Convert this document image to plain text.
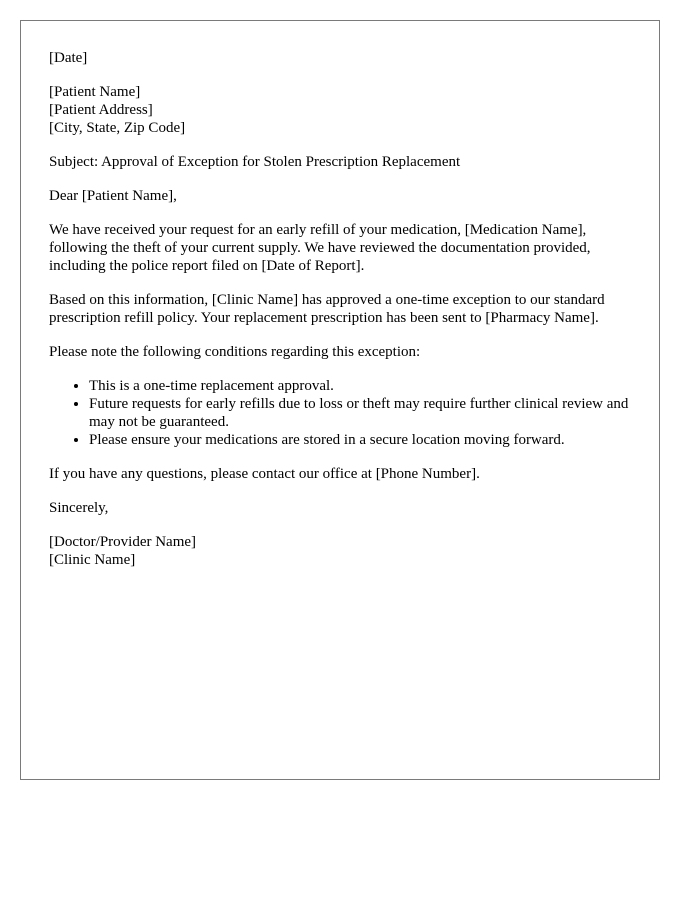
[Date]

[Patient Name]
[Patient Address]
[City, State, Zip Code]

Subject: Approval of Exception for Stolen Prescription Replacement

Dear [Patient Name],

We have received your request for an early refill of your medication, [Medication Name], following the theft of your current supply. We have reviewed the documentation provided, including the police report filed on [Date of Report].

Based on this information, [Clinic Name] has approved a one-time exception to our standard prescription refill policy. Your replacement prescription has been sent to [Pharmacy Name].

Please note the following conditions regarding this exception:

• This is a one-time replacement approval.
• Future requests for early refills due to loss or theft may require further clinical review and may not be guaranteed.
• Please ensure your medications are stored in a secure location moving forward.

If you have any questions, please contact our office at [Phone Number].

Sincerely,

[Doctor/Provider Name]
[Clinic Name]
